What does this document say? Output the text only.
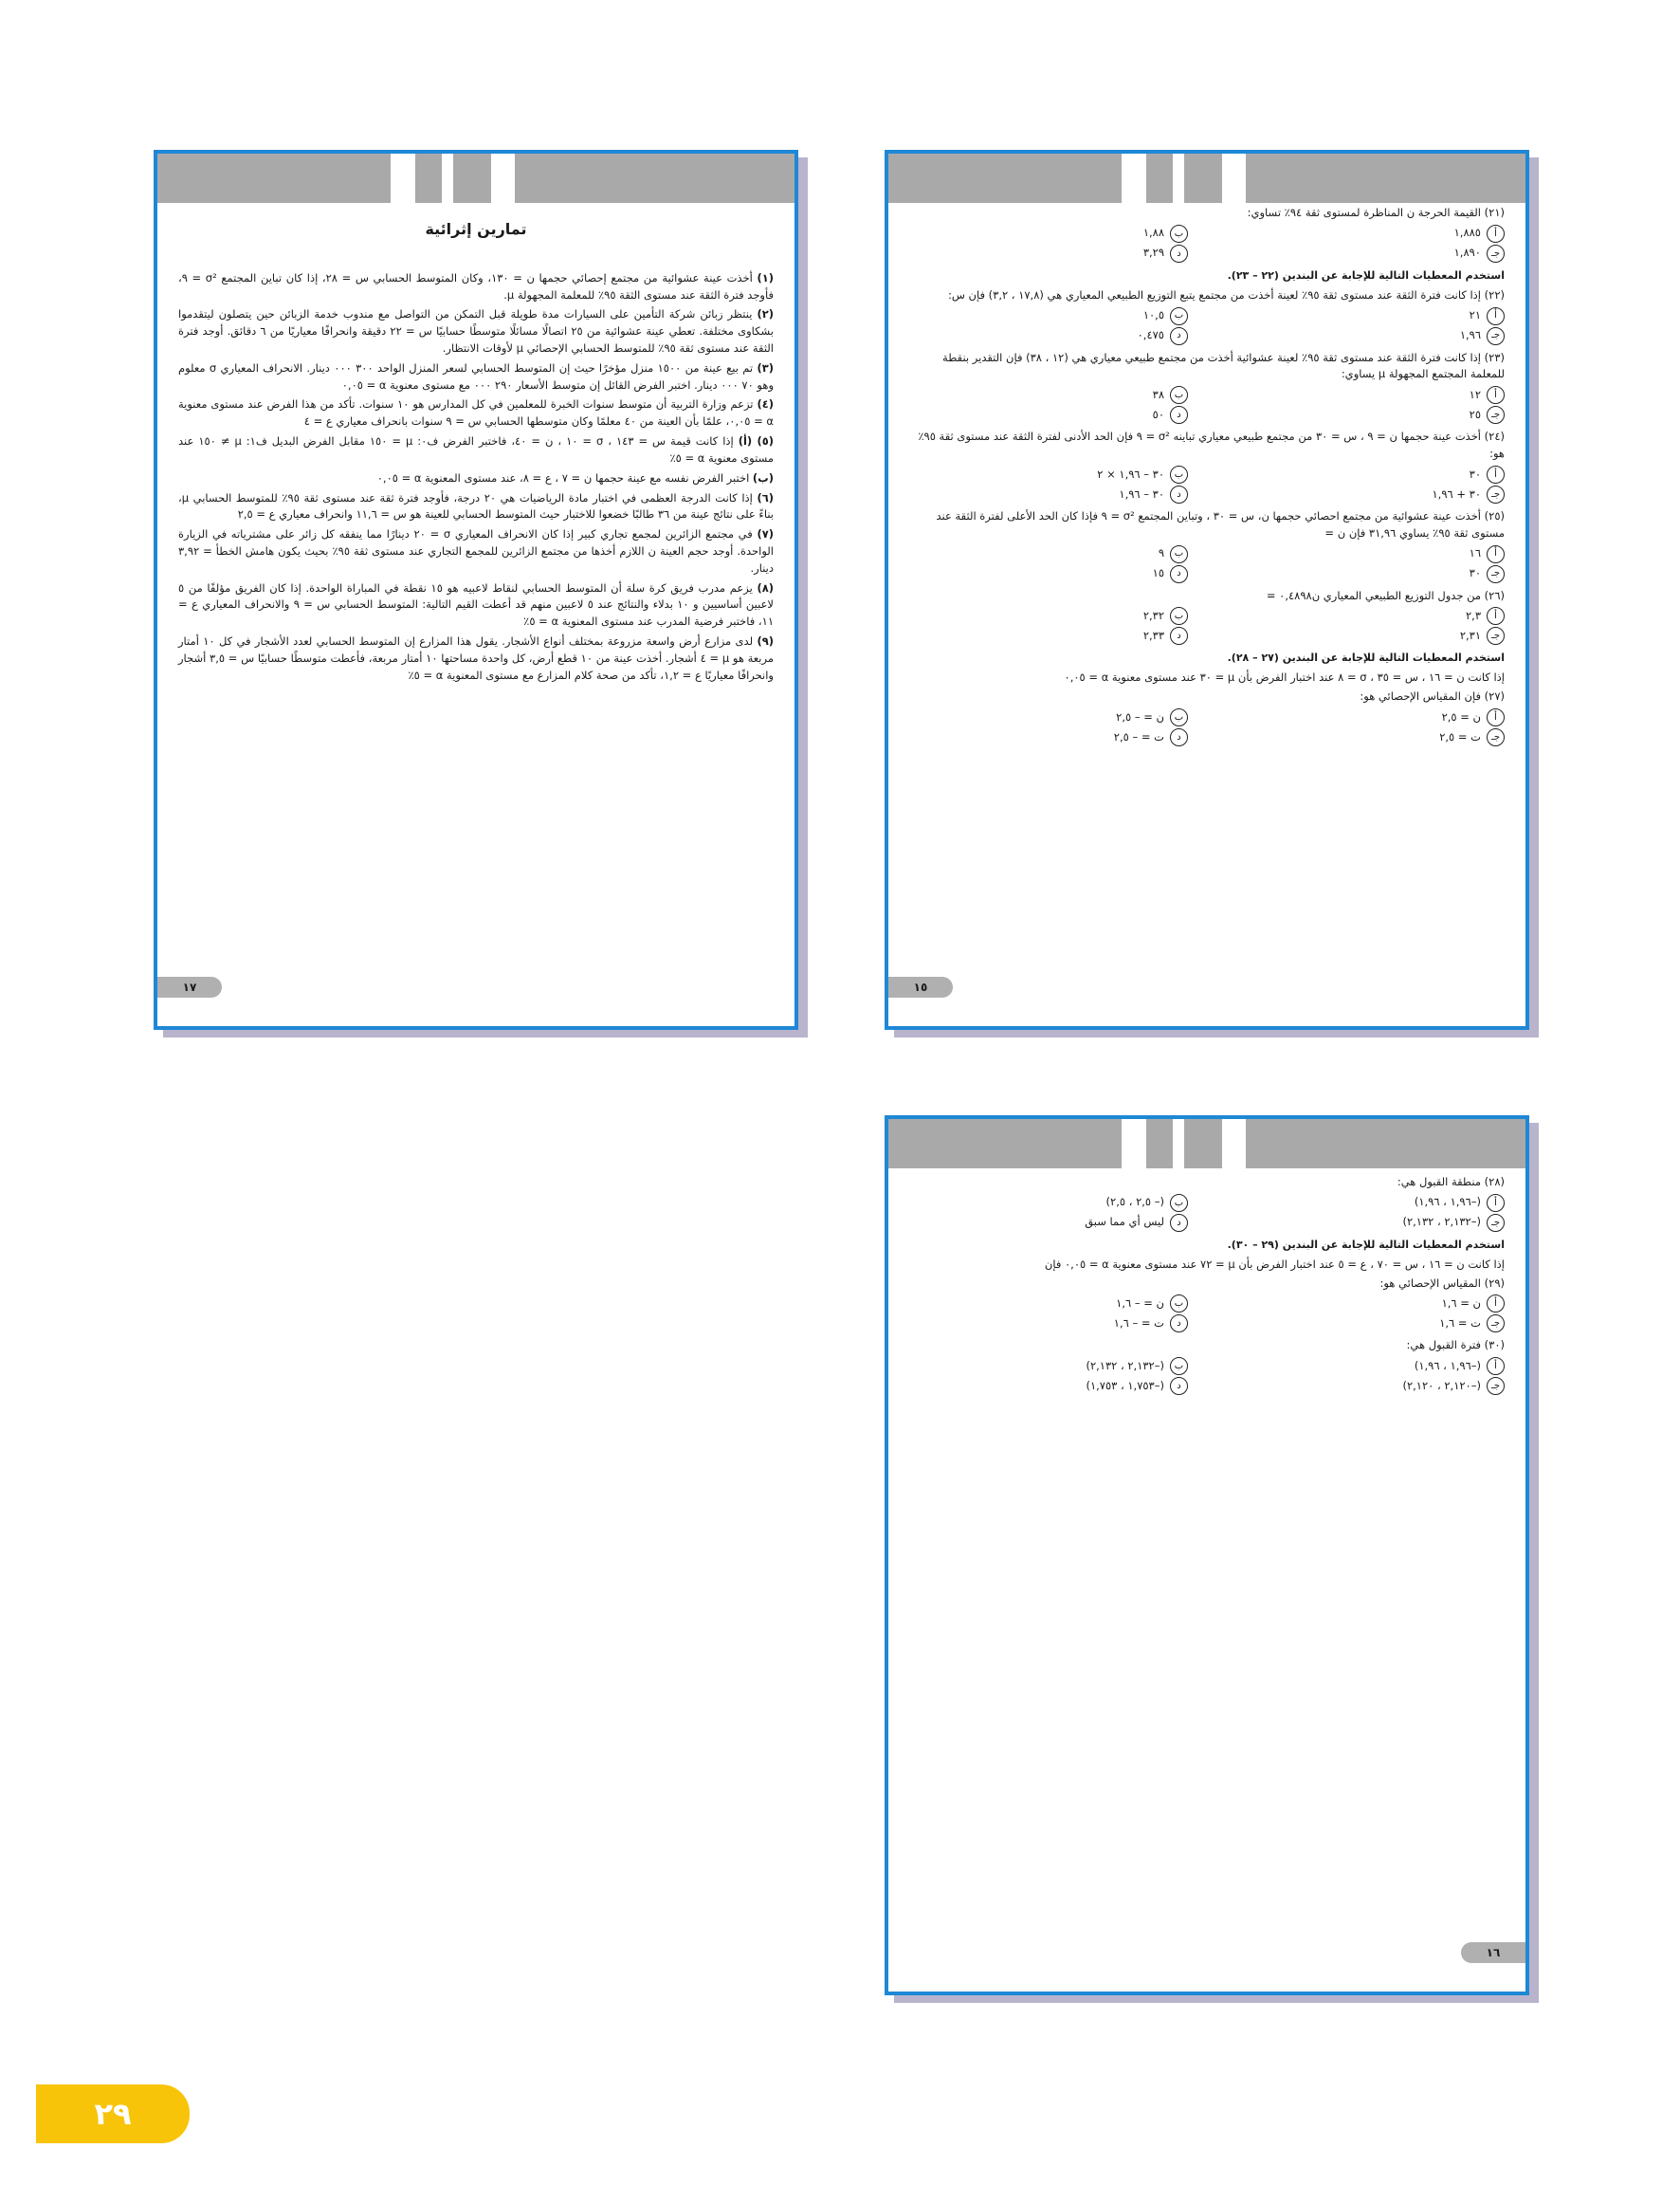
تمارين إثرائية
(١) أخذت عينة عشوائية من مجتمع إحصائي حجمها ن = ١٣٠، وكان المتوسط الحسابي س = ٢٨، إذا كان تباين المجتمع σ² = ٩، فأوجد فترة الثقة عند مستوى الثقة ٩٥٪ للمعلمة المجهولة μ.
(٢) ينتظر زبائن شركة التأمين على السيارات مدة طويلة قبل التمكن من التواصل مع مندوب خدمة الزبائن حين يتصلون ليتقدموا بشكاوى مختلفة. تعطي عينة عشوائية من ٢٥ اتصالًا مسائلًا متوسطًا حسابيًا س = ٢٢ دقيقة وانحرافًا معياريًا من ٦ دقائق. أوجد فترة الثقة عند مستوى ثقة ٩٥٪ للمتوسط الحسابي الإحصائي μ لأوقات الانتظار.
(٣) تم بيع عينة من ١٥٠٠ منزل مؤخرًا حيث إن المتوسط الحسابي لسعر المنزل الواحد ٣٠٠ ٠٠٠ دينار. الانحراف المعياري σ معلوم وهو ٧٠ ٠٠٠ دينار. اختبر الفرض القائل إن متوسط الأسعار ٢٩٠ ٠٠٠ مع مستوى معنوية α = ٠,٠٥
(٤) تزعم وزارة التربية أن متوسط سنوات الخبرة للمعلمين في كل المدارس هو ١٠ سنوات. تأكد من هذا الفرض عند مستوى معنوية α = ٠,٠٥، علمًا بأن العينة من ٤٠ معلمًا وكان متوسطها الحسابي س = ٩ سنوات بانحراف معياري ع = ٤
(٥) (أ) إذا كانت قيمة س = ١٤٣ ، σ = ١٠ ، ن = ٤٠، فاختبر الفرض ف٠: μ = ١٥٠ مقابل الفرض البديل ف١: μ ≠ ١٥٠ عند مستوى معنوية α = ٥٪
(ب) اختبر الفرض نفسه مع عينة حجمها ن = ٧ ، ع = ٨، عند مستوى المعنوية α = ٠,٠٥
(٦) إذا كانت الدرجة العظمى في اختبار مادة الرياضيات هي ٢٠ درجة، فأوجد فترة ثقة عند مستوى ثقة ٩٥٪ للمتوسط الحسابي μ، بناءً على نتائج عينة من ٣٦ طالبًا خضعوا للاختبار حيث المتوسط الحسابي للعينة هو س = ١١,٦ وانحراف معياري ع = ٢,٥
(٧) في مجتمع الزائرين لمجمع تجاري كبير إذا كان الانحراف المعياري σ = ٢٠ دينارًا مما ينفقه كل زائر على مشترياته في الزيارة الواحدة. أوجد حجم العينة ن اللازم أخذها من مجتمع الزائرين للمجمع التجاري عند مستوى ثقة ٩٥٪ بحيث يكون هامش الخطأ = ٣,٩٢ دينار.
(٨) يزعم مدرب فريق كرة سلة أن المتوسط الحسابي لنقاط لاعبيه هو ١٥ نقطة في المباراة الواحدة. إذا كان الفريق مؤلفًا من ٥ لاعبين أساسيين و ١٠ بدلاء والنتائج عند ٥ لاعبين منهم قد أعطت القيم التالية: المتوسط الحسابي س = ٩ والانحراف المعياري ع = ١١، فاختبر فرضية المدرب عند مستوى المعنوية α = ٥٪
(٩) لدى مزارع أرض واسعة مزروعة بمختلف أنواع الأشجار. يقول هذا المزارع إن المتوسط الحسابي لعدد الأشجار في كل ١٠ أمتار مربعة هو μ = ٤ أشجار. أخذت عينة من ١٠ قطع أرض، كل واحدة مساحتها ١٠ أمتار مربعة، فأعطت متوسطًا حسابيًا س = ٣,٥ أشجار وانحرافًا معياريًا ع = ١,٢، تأكد من صحة كلام المزارع مع مستوى المعنوية α = ٥٪
١٧
(٢١) القيمة الحرجة ن المناظرة لمستوى ثقة ٩٤٪ تساوي:
أ
١,٨٨٥
ب
١,٨٨
جـ
١,٨٩٠
د
٣,٢٩
استخدم المعطيات التالية للإجابة عن البندين (٢٢ – ٢٣).
(٢٢) إذا كانت فترة الثقة عند مستوى ثقة ٩٥٪ لعينة أخذت من مجتمع يتبع التوزيع الطبيعي المعياري هي (١٧,٨ ، ٣,٢) فإن س:
أ
٢١
ب
١٠,٥
جـ
١,٩٦
د
٠,٤٧٥
(٢٣) إذا كانت فترة الثقة عند مستوى ثقة ٩٥٪ لعينة عشوائية أخذت من مجتمع طبيعي معياري هي (١٢ ، ٣٨) فإن التقدير بنقطة للمعلمة المجتمع المجهولة μ يساوي:
أ
١٢
ب
٣٨
جـ
٢٥
د
٥٠
(٢٤) أخذت عينة حجمها ن = ٩ ، س = ٣٠ من مجتمع طبيعي معياري تباينه σ² = ٩ فإن الحد الأدنى لفترة الثقة عند مستوى ثقة ٩٥٪ هو:
أ
٣٠
ب
٣٠ – ١,٩٦ × ٢
جـ
٣٠ + ١,٩٦
د
٣٠ – ١,٩٦
(٢٥) أخذت عينة عشوائية من مجتمع احصائي حجمها ن، س = ٣٠ ، وتباين المجتمع σ² = ٩ فإذا كان الحد الأعلى لفترة الثقة عند مستوى ثقة ٩٥٪ يساوي ٣١,٩٦ فإن ن =
أ
١٦
ب
٩
جـ
٣٠
د
١٥
(٢٦) من جدول التوزيع الطبيعي المعياري ن٠,٤٨٩٨ =
أ
٢,٣
ب
٢,٣٢
جـ
٢,٣١
د
٢,٣٣
استخدم المعطيات التالية للإجابة عن البندين (٢٧ – ٢٨).
إذا كانت ن = ١٦ ، س = ٣٥ ، σ = ٨ عند اختبار الفرض بأن μ = ٣٠ عند مستوى معنوية α = ٠,٠٥
(٢٧) فإن المقياس الإحصائي هو:
أ
ن = ٢,٥
ب
ن = – ٢,٥
جـ
ت = ٢,٥
د
ت = – ٢,٥
١٥
(٢٨) منطقة القبول هي:
أ
(–١,٩٦ ، ١,٩٦)
ب
(– ٢,٥ ، ٢,٥)
جـ
(–٢,١٣٢ ، ٢,١٣٢)
د
ليس أي مما سبق
استخدم المعطيات التالية للإجابة عن البندين (٢٩ – ٣٠).
إذا كانت ن = ١٦ ، س = ٧٠ ، ع = ٥ عند اختبار الفرض بأن μ = ٧٢ عند مستوى معنوية α = ٠,٠٥ فإن
(٢٩) المقياس الإحصائي هو:
أ
ن = ١,٦
ب
ن = – ١,٦
جـ
ت = ١,٦
د
ت = – ١,٦
(٣٠) فترة القبول هي:
أ
(–١,٩٦ ، ١,٩٦)
ب
(–٢,١٣٢ ، ٢,١٣٢)
جـ
(–٢,١٢٠ ، ٢,١٢٠)
د
(–١,٧٥٣ ، ١,٧٥٣)
١٦
٢٩
